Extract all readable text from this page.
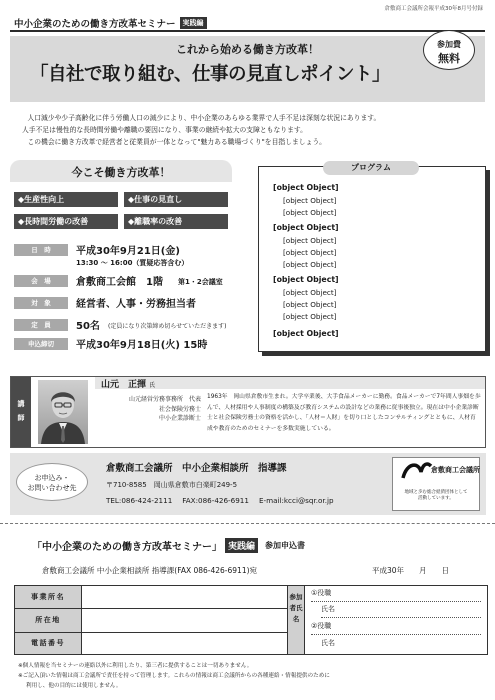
倉敷商工会議所会報平成30年8月号付録
中小企業のための働き方改革セミナー	実践編
これから始める働き方改革！
「自社で取り組む、仕事の見直しポイント」
参加費
無料

人口減少や少子高齢化に伴う労働人口の減少により、中小企業のあらゆる業界で人手不足は深刻な状況にあります。

人手不足は慢性的な長時間労働や離職の要因になり、事業の継続や拡大の支障ともなります。

この機会に働き方改革で経営者と従業員が一体となって"魅力ある職場づくり"を目指しましょう。

今こそ働き方改革！
◆生産性向上	◆仕事の見直し
◆長時間労働の改善	◆離職率の改善
日　時	平成30年9月21日(金)
13:30 ～ 16:00（質疑応答含む）
会　場	倉敷商工会館　1階 第1・2会議室
対　象	経営者、人事・労務担当者
定　員	50名 (定員になり次第締め切らせていただきます)
申込締切	平成30年9月18日(火) 15時
プログラム
[object Object]
[object Object]
[object Object]
[object Object]
[object Object]
[object Object]
[object Object]
[object Object]
[object Object]
[object Object]
[object Object]
[object Object]
講師
山元　正揮 氏
山元経営労務事務所　代表
社会保険労務士
中小企業診断士
1963年　岡山県倉敷市生まれ。大学卒業後、大手食品メーカーに勤務。食品メーカーで7年間人事畑を歩んで、人材採用や人事制度の構築及び教育システムの設計などの業務に従事後独立。現在は中小企業診断士と社会保険労務士の資格を活かし、「人材＝人財」を切り口としたコンサルティングとともに、人材育成や教育のためのセミナーを多数実施している。
お申込み・
お問い合わせ先
倉敷商工会議所　中小企業相談所　指導課
〒710-8585　岡山県倉敷市白楽町249-5
TEL:086-424-2111 FAX:086-426-6911 E-mail:kcci@sqr.or.jp
倉敷商工会議所
地域と歩む総合経済団体として
活動しています。
「中小企業のための働き方改革セミナー」 実践編	参加申込書
倉敷商工会議所 中小企業相談所 指導課(FAX 086-426-6911)宛	平成30年　　月　　日
事業所名
所在地
電話番号
参加者氏名
①役職
氏名
②役職
氏名
※個人情報を当セミナーの連絡以外に利用したり、第三者に提供することは一切ありません。
※ご記入頂いた情報は商工会議所で責任を持って管理します。これらの情報は商工会議所からの各種連絡・情報提供のために
利用し、他の目的には使用しません。
